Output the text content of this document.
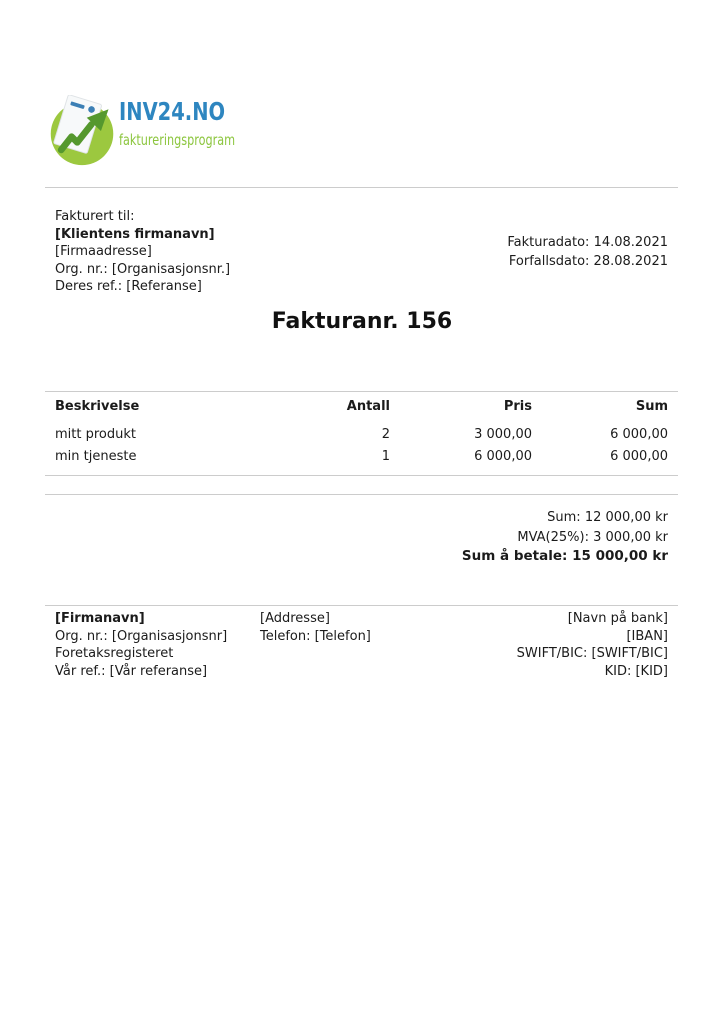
INV24.NO
faktureringsprogram
Fakturert til:
[Klientens firmanavn]
[Firmaadresse]
Org. nr.: [Organisasjonsnr.]
Deres ref.: [Referanse]
Fakturadato: 14.08.2021
Forfallsdato: 28.08.2021
Fakturanr. 156
Beskrivelse	Antall	Pris	Sum
mitt produkt	2	3 000,00	6 000,00
min tjeneste	1	6 000,00	6 000,00
Sum: 12 000,00 kr
MVA(25%): 3 000,00 kr
Sum å betale: 15 000,00 kr
[Firmanavn]
Org. nr.: [Organisasjonsnr]
Foretaksregisteret
Vår ref.: [Vår referanse]
[Addresse]
Telefon: [Telefon]
[Navn på bank]
[IBAN]
SWIFT/BIC: [SWIFT/BIC]
KID: [KID]
